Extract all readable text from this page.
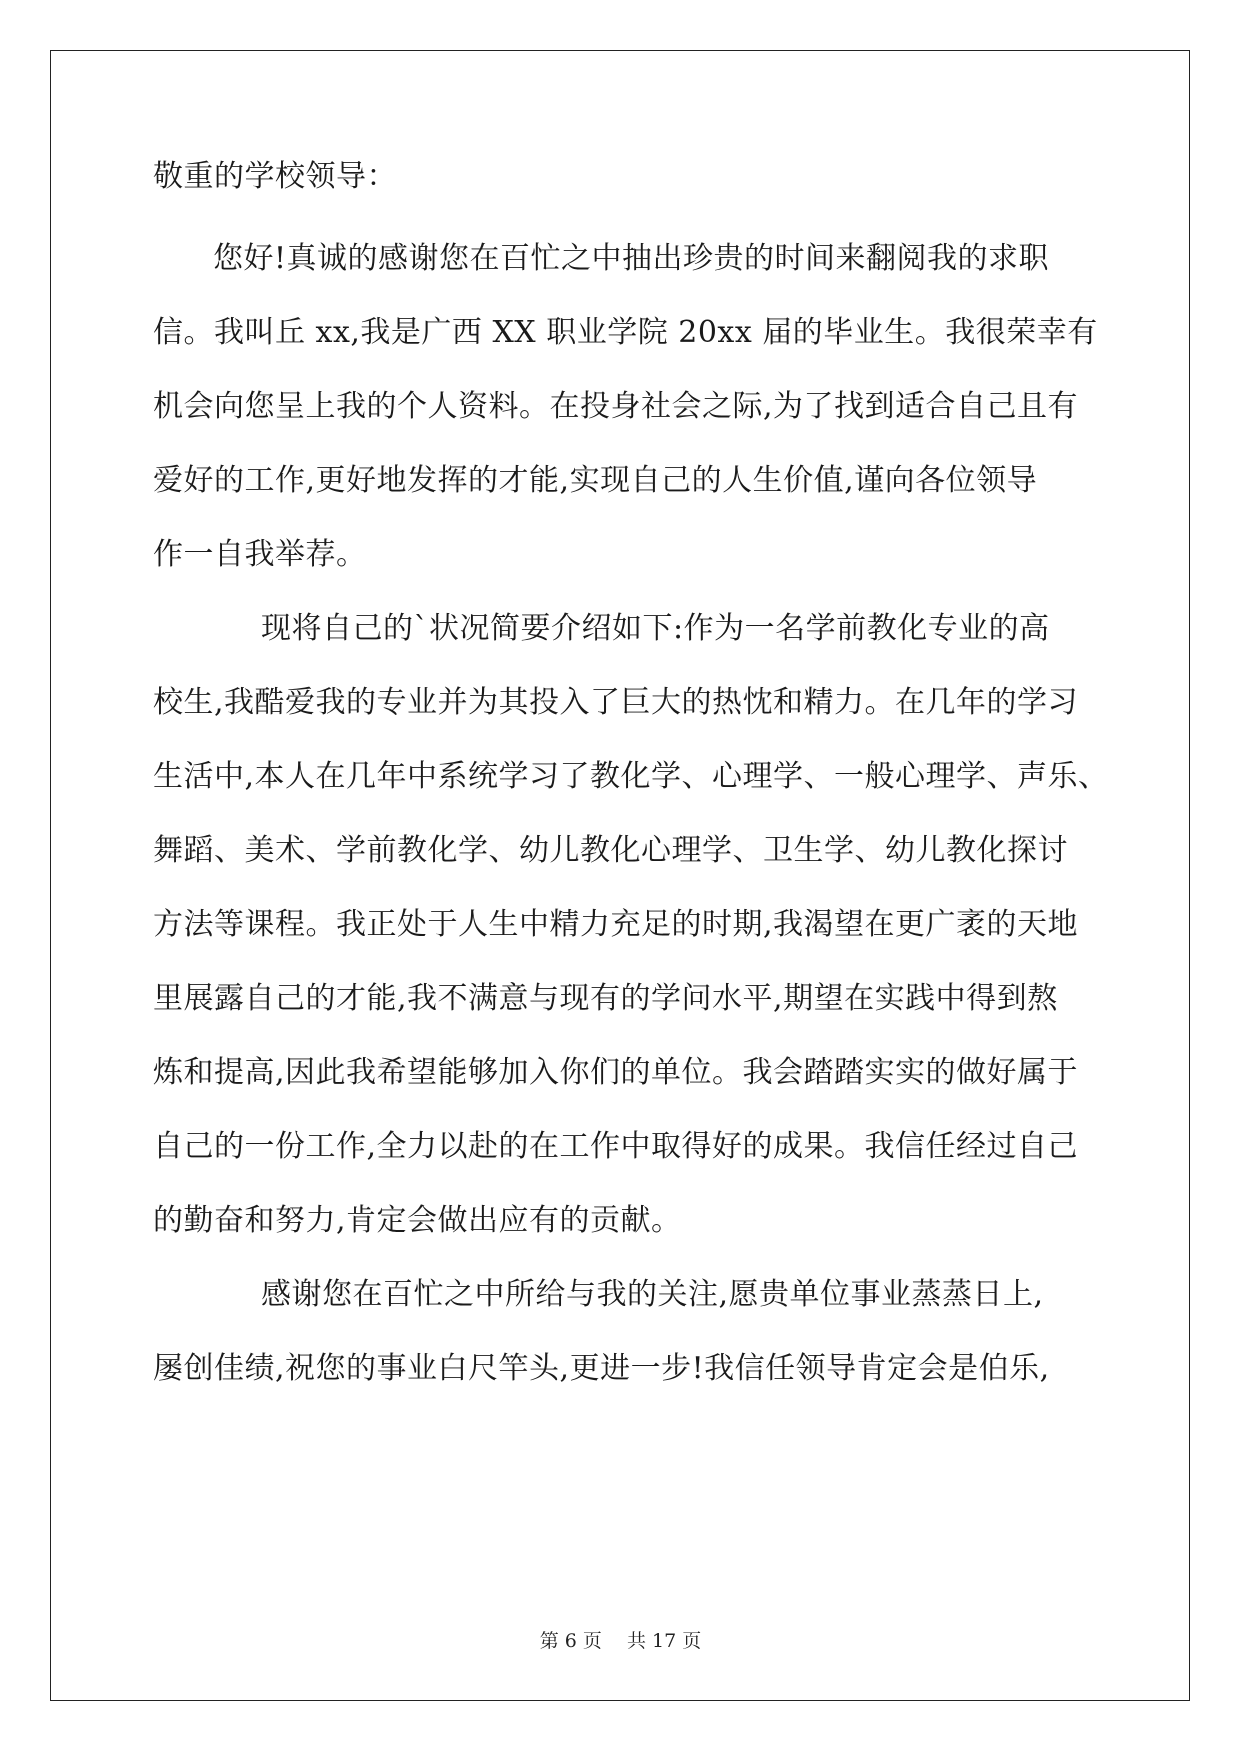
敬重的学校领导：
您好!真诚的感谢您在百忙之中抽出珍贵的时间来翻阅我的求职
信。我叫丘 xx,我是广西 XX 职业学院 20xx 届的毕业生。我很荣幸有
机会向您呈上我的个人资料。在投身社会之际,为了找到适合自己且有
爱好的工作,更好地发挥的才能,实现自己的人生价值,谨向各位领导
作一自我举荐。
现将自己的`状况简要介绍如下:作为一名学前教化专业的高
校生,我酷爱我的专业并为其投入了巨大的热忱和精力。在几年的学习
生活中,本人在几年中系统学习了教化学、心理学、一般心理学、声乐、
舞蹈、美术、学前教化学、幼儿教化心理学、卫生学、幼儿教化探讨
方法等课程。我正处于人生中精力充足的时期,我渴望在更广袤的天地
里展露自己的才能,我不满意与现有的学问水平,期望在实践中得到熬
炼和提高,因此我希望能够加入你们的单位。我会踏踏实实的做好属于
自己的一份工作,全力以赴的在工作中取得好的成果。我信任经过自己
的勤奋和努力,肯定会做出应有的贡献。
感谢您在百忙之中所给与我的关注,愿贵单位事业蒸蒸日上,
屡创佳绩,祝您的事业白尺竿头,更进一步!我信任领导肯定会是伯乐,
第 6 页　 共 17 页
